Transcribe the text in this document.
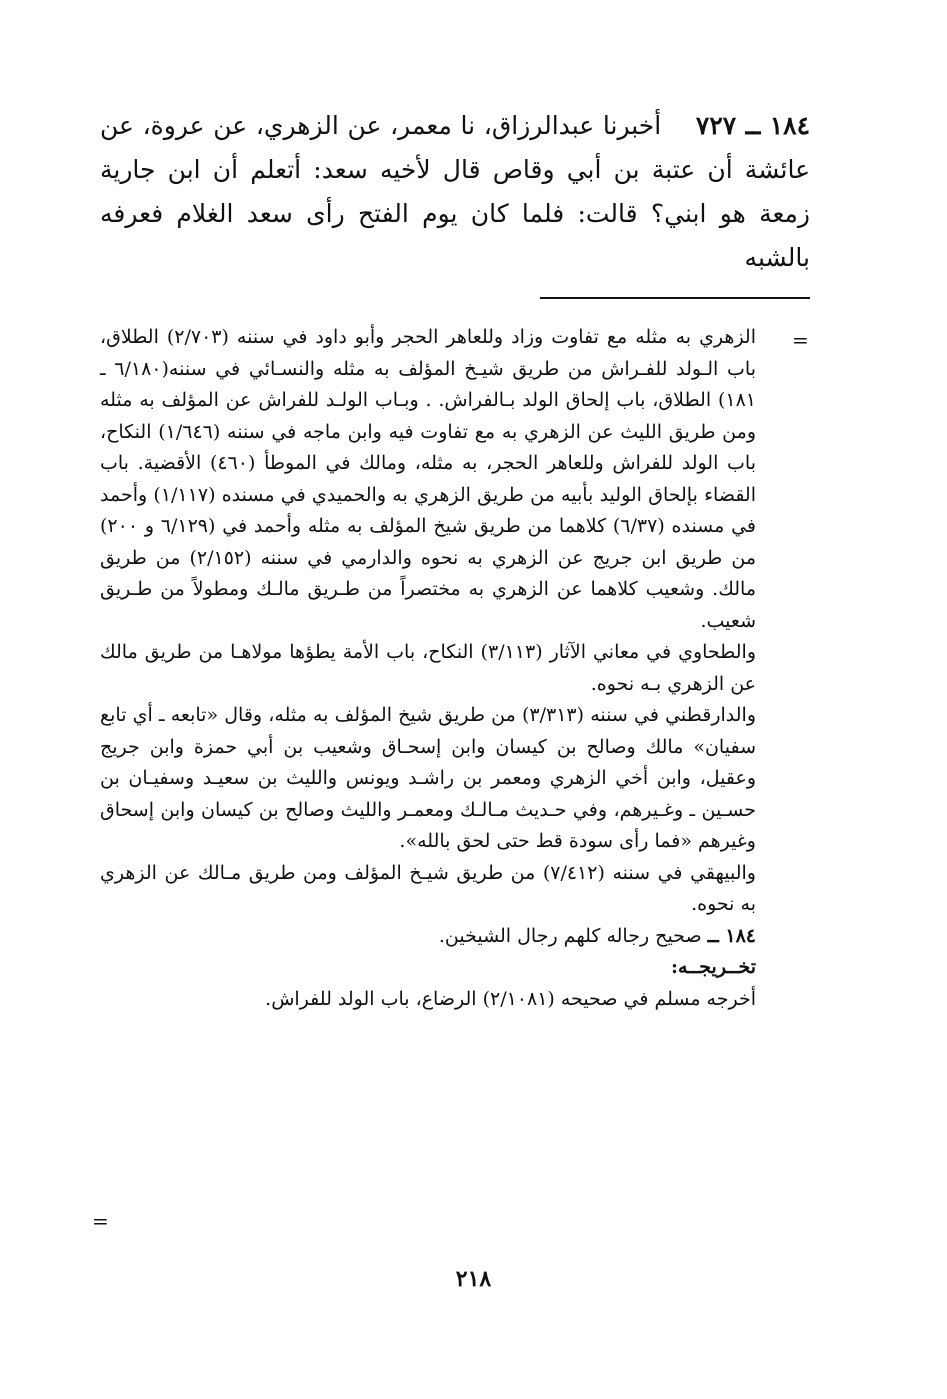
١٨٤ ــ ٧٢٧    أخبرنا عبدالرزاق، نا معمر، عن الزهري، عن عروة، عن عائشة أن عتبة بن أبي وقاص قال لأخيه سعد: أتعلم أن ابن جارية زمعة هو ابني؟ قالت: فلما كان يوم الفتح رأى سعد الغلام فعرفه بالشبه

=

الزهري به مثله مع تفاوت وزاد وللعاهر الحجر وأبو داود في سننه (٢/٧٠٣) الطلاق، باب الـولد للفـراش من طريق شيـخ المؤلف به مثله والنسـائي في سننه(٦/١٨٠ ـ ١٨١) الطلاق، باب إلحاق الولد بـالفراش. . وبـاب الولـد للفراش عن المؤلف به مثله ومن طريق الليث عن الزهري به مع تفاوت فيه وابن ماجه في سننه (١/٦٤٦) النكاح، باب الولد للفراش وللعاهر الحجر، به مثله، ومالك في الموطأ (٤٦٠) الأقضية. باب القضاء بإلحاق الوليد بأبيه من طريق الزهري به والحميدي في مسنده (١/١١٧) وأحمد في مسنده (٦/٣٧) كلاهما من طريق شيخ المؤلف به مثله وأحمد في (٦/١٢٩ و ٢٠٠) من طريق ابن جريج عن الزهري به نحوه والدارمي في سننه (٢/١٥٢) من طريق مالك. وشعيب كلاهما عن الزهري به مختصراً من طـريق مالـك ومطولاً من طـريق شعيب.

والطحاوي في معاني الآثار (٣/١١٣) النكاح، باب الأمة يطؤها مولاهـا من طريق مالك عن الزهري بـه نحوه.

والدارقطني في سننه (٣/٣١٣) من طريق شيخ المؤلف به مثله، وقال «تابعه ـ أي تابع سفيان» مالك وصالح بن كيسان وابن إسحـاق وشعيب بن أبي حمزة وابن جريج وعقيل، وابن أخي الزهري ومعمر بن راشـد ويونس والليث بن سعيـد وسفيـان بن حسـين ـ وغـيرهم، وفي حـديث مـالـك ومعمـر والليث وصالح بن كيسان وابن إسحاق وغيرهم «فما رأى سودة قط حتى لحق بالله».

والبيهقي في سننه (٧/٤١٢) من طريق شيـخ المؤلف ومن طريق مـالك عن الزهري به نحوه.

١٨٤ ــ صحيح رجاله كلهم رجال الشيخين.

تخــريجــه:

أخرجه مسلم في صحيحه (٢/١٠٨١) الرضاع، باب الولد للفراش.

=
٢١٨
